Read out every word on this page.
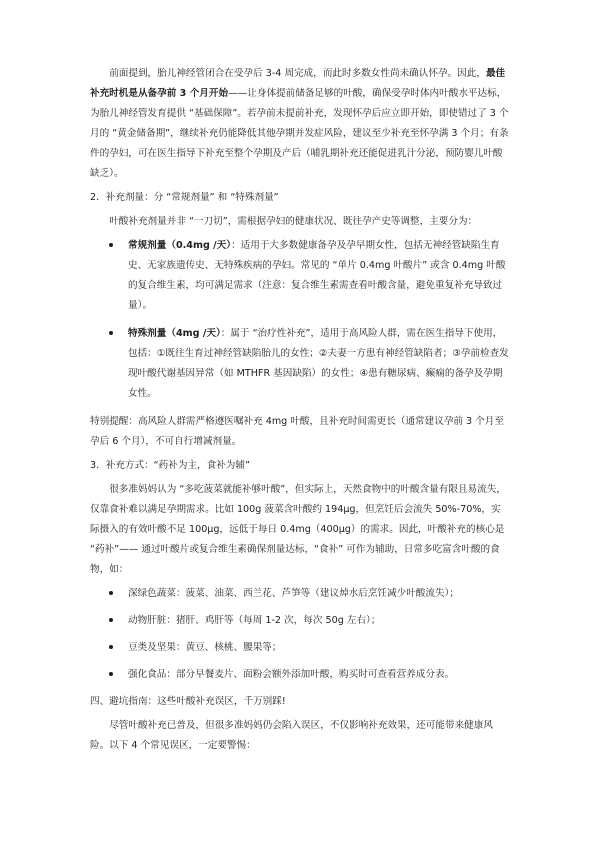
前面提到，胎儿神经管闭合在受孕后 3-4 周完成，而此时多数女性尚未确认怀孕。因此，最佳补充时机是从备孕前 3 个月开始——让身体提前储备足够的叶酸，确保受孕时体内叶酸水平达标，为胎儿神经管发育提供 “基础保障”。若孕前未提前补充，发现怀孕后应立即开始，即使错过了 3 个月的 “黄金储备期”，继续补充仍能降低其他孕期并发症风险，建议至少补充至怀孕满 3 个月；有条件的孕妇，可在医生指导下补充至整个孕期及产后（哺乳期补充还能促进乳汁分泌，预防婴儿叶酸缺乏）。

2．补充剂量：分 “常规剂量” 和 “特殊剂量”

叶酸补充剂量并非 “一刀切”，需根据孕妇的健康状况、既往孕产史等调整，主要分为：

常规剂量（0.4mg /天）：适用于大多数健康备孕及孕早期女性，包括无神经管缺陷生育史、无家族遗传史、无特殊疾病的孕妇。常见的 “单片 0.4mg 叶酸片” 或含 0.4mg 叶酸的复合维生素，均可满足需求（注意：复合维生素需查看叶酸含量，避免重复补充导致过量）。

特殊剂量（4mg /天）：属于 “治疗性补充”，适用于高风险人群，需在医生指导下使用，包括：①既往生育过神经管缺陷胎儿的女性；②夫妻一方患有神经管缺陷者；③孕前检查发现叶酸代谢基因异常（如 MTHFR 基因缺陷）的女性；④患有糖尿病、癫痫的备孕及孕期女性。

特别提醒：高风险人群需严格遵医嘱补充 4mg 叶酸，且补充时间需更长（通常建议孕前 3 个月至孕后 6 个月），不可自行增减剂量。

3．补充方式：“药补为主，食补为辅”

很多准妈妈认为 “多吃菠菜就能补够叶酸”，但实际上，天然食物中的叶酸含量有限且易流失，仅靠食补难以满足孕期需求。比如 100g 菠菜含叶酸约 194μg，但烹饪后会流失 50%-70%，实际摄入的有效叶酸不足 100μg，远低于每日 0.4mg（400μg）的需求。因此，叶酸补充的核心是 “药补”—— 通过叶酸片或复合维生素确保剂量达标，“食补” 可作为辅助，日常多吃富含叶酸的食物，如：

深绿色蔬菜：菠菜、油菜、西兰花、芦笋等（建议焯水后烹饪减少叶酸流失）；

动物肝脏：猪肝、鸡肝等（每周 1-2 次，每次 50g 左右）；

豆类及坚果：黄豆、核桃、腰果等；

强化食品：部分早餐麦片、面粉会额外添加叶酸，购买时可查看营养成分表。

四、避坑指南：这些叶酸补充误区，千万别踩!

尽管叶酸补充已普及，但很多准妈妈仍会陷入误区，不仅影响补充效果，还可能带来健康风险。以下 4 个常见误区，一定要警惕：
